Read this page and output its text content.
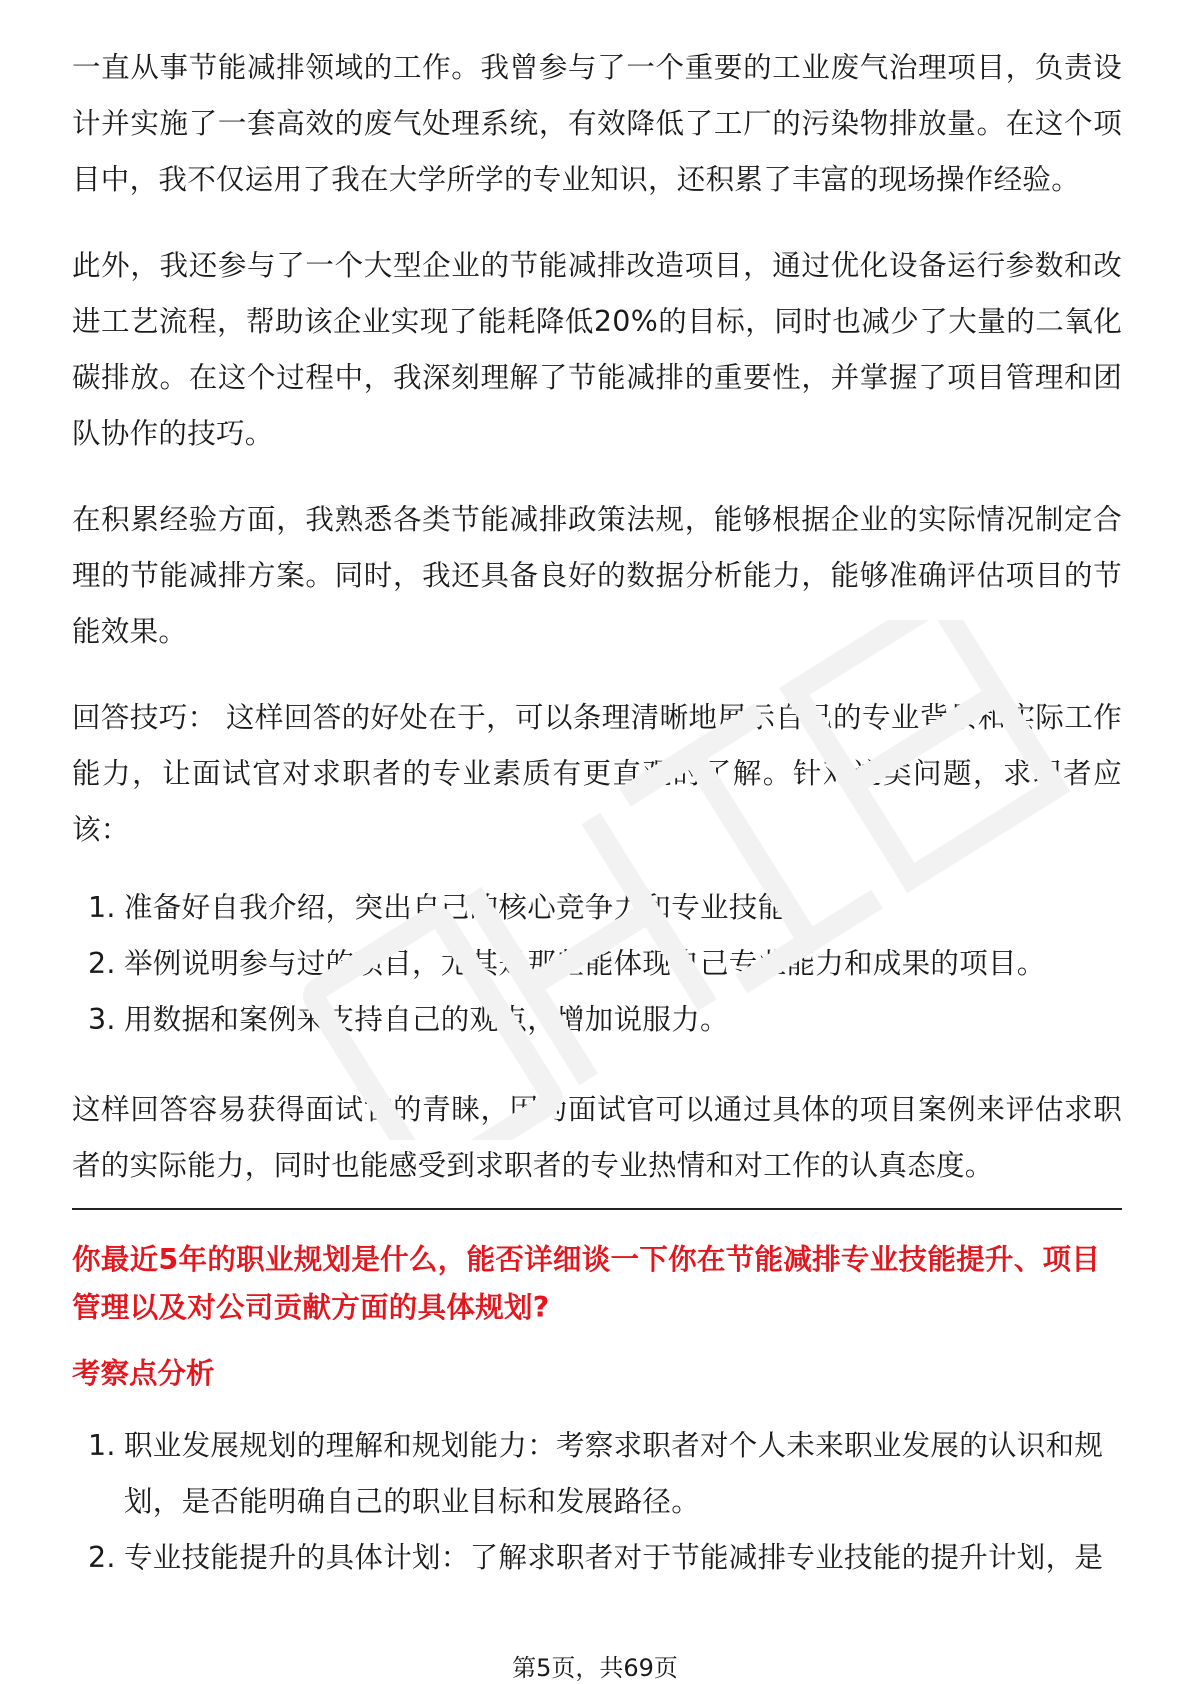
一直从事节能减排领域的工作。我曾参与了一个重要的工业废气治理项目，负责设计并实施了一套高效的废气处理系统，有效降低了工厂的污染物排放量。在这个项目中，我不仅运用了我在大学所学的专业知识，还积累了丰富的现场操作经验。

此外，我还参与了一个大型企业的节能减排改造项目，通过优化设备运行参数和改进工艺流程，帮助该企业实现了能耗降低20%的目标，同时也减少了大量的二氧化碳排放。在这个过程中，我深刻理解了节能减排的重要性，并掌握了项目管理和团队协作的技巧。

在积累经验方面，我熟悉各类节能减排政策法规，能够根据企业的实际情况制定合理的节能减排方案。同时，我还具备良好的数据分析能力，能够准确评估项目的节能效果。

回答技巧： 这样回答的好处在于，可以条理清晰地展示自己的专业背景和实际工作能力，让面试官对求职者的专业素质有更直观的了解。针对这类问题，求职者应该：

1. 准备好自我介绍，突出自己的核心竞争力和专业技能。
2. 举例说明参与过的项目，尤其是那些能体现自己专业能力和成果的项目。
3. 用数据和案例来支持自己的观点，增加说服力。

这样回答容易获得面试官的青睐，因为面试官可以通过具体的项目案例来评估求职者的实际能力，同时也能感受到求职者的专业热情和对工作的认真态度。

你最近5年的职业规划是什么，能否详细谈一下你在节能减排专业技能提升、项目管理以及对公司贡献方面的具体规划?

考察点分析

1. 职业发展规划的理解和规划能力：考察求职者对个人未来职业发展的认识和规划，是否能明确自己的职业目标和发展路径。
2. 专业技能提升的具体计划：了解求职者对于节能减排专业技能的提升计划，是
第5页，共69页
